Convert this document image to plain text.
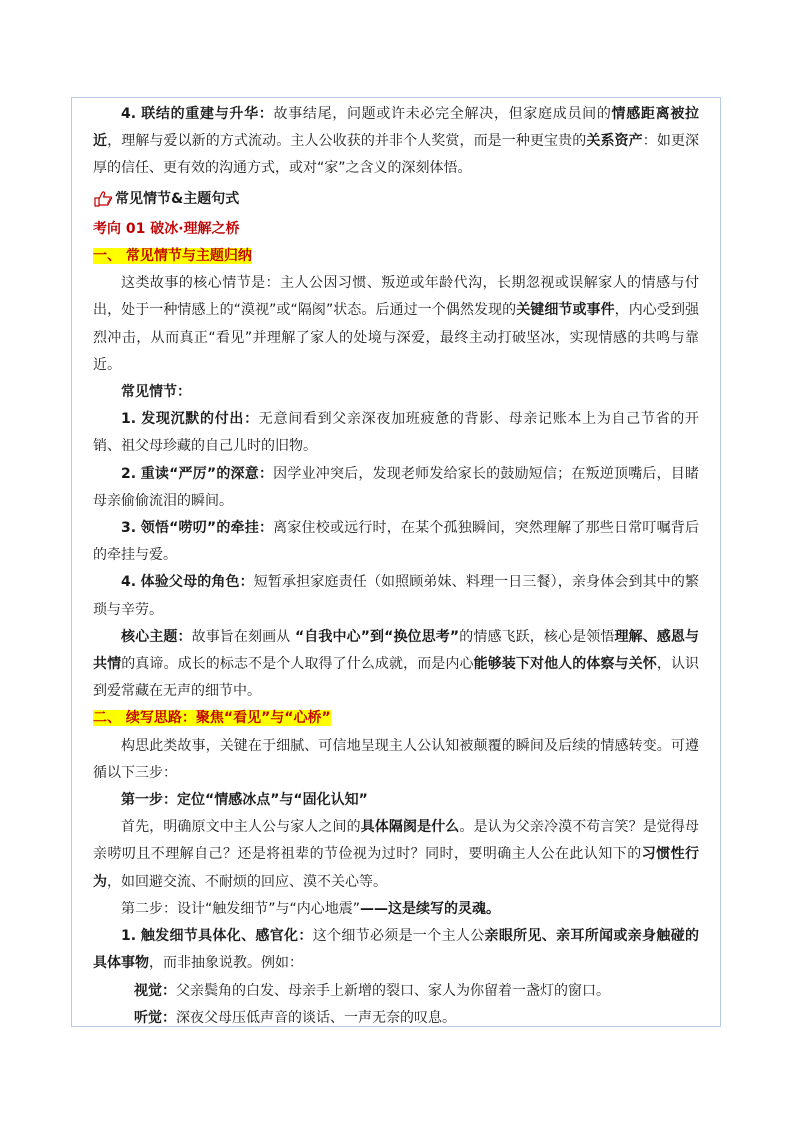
4. 联结的重建与升华：故事结尾，问题或许未必完全解决，但家庭成员间的情感距离被拉近，理解与爱以新的方式流动。主人公收获的并非个人奖赏，而是一种更宝贵的关系资产：如更深厚的信任、更有效的沟通方式，或对“家”之含义的深刻体悟。

常见情节&主题句式

考向 01 破冰·理解之桥

一、 常见情节与主题归纳

这类故事的核心情节是：主人公因习惯、叛逆或年龄代沟，长期忽视或误解家人的情感与付出，处于一种情感上的“漠视”或“隔阂”状态。后通过一个偶然发现的关键细节或事件，内心受到强烈冲击，从而真正“看见”并理解了家人的处境与深爱，最终主动打破坚冰，实现情感的共鸣与靠近。

常见情节：

1. 发现沉默的付出：无意间看到父亲深夜加班疲惫的背影、母亲记账本上为自己节省的开销、祖父母珍藏的自己儿时的旧物。

2. 重读“严厉”的深意：因学业冲突后，发现老师发给家长的鼓励短信；在叛逆顶嘴后，目睹母亲偷偷流泪的瞬间。

3. 领悟“唠叨”的牵挂：离家住校或远行时，在某个孤独瞬间，突然理解了那些日常叮嘱背后的牵挂与爱。

4. 体验父母的角色：短暂承担家庭责任（如照顾弟妹、料理一日三餐），亲身体会到其中的繁琐与辛劳。

核心主题：故事旨在刻画从 “自我中心”到“换位思考”的情感飞跃，核心是领悟理解、感恩与共情的真谛。成长的标志不是个人取得了什么成就，而是内心能够装下对他人的体察与关怀，认识到爱常藏在无声的细节中。

二、 续写思路：聚焦“看见”与“心桥”

构思此类故事，关键在于细腻、可信地呈现主人公认知被颠覆的瞬间及后续的情感转变。可遵循以下三步：

第一步：定位“情感冰点”与“固化认知”

首先，明确原文中主人公与家人之间的具体隔阂是什么。是认为父亲冷漠不苟言笑？是觉得母亲唠叨且不理解自己？还是将祖辈的节俭视为过时？同时，要明确主人公在此认知下的习惯性行为，如回避交流、不耐烦的回应、漠不关心等。

第二步：设计“触发细节”与“内心地震”——这是续写的灵魂。

1. 触发细节具体化、感官化：这个细节必须是一个主人公亲眼所见、亲耳所闻或亲身触碰的具体事物，而非抽象说教。例如：

视觉：父亲鬓角的白发、母亲手上新增的裂口、家人为你留着一盏灯的窗口。

听觉：深夜父母压低声音的谈话、一声无奈的叹息。
